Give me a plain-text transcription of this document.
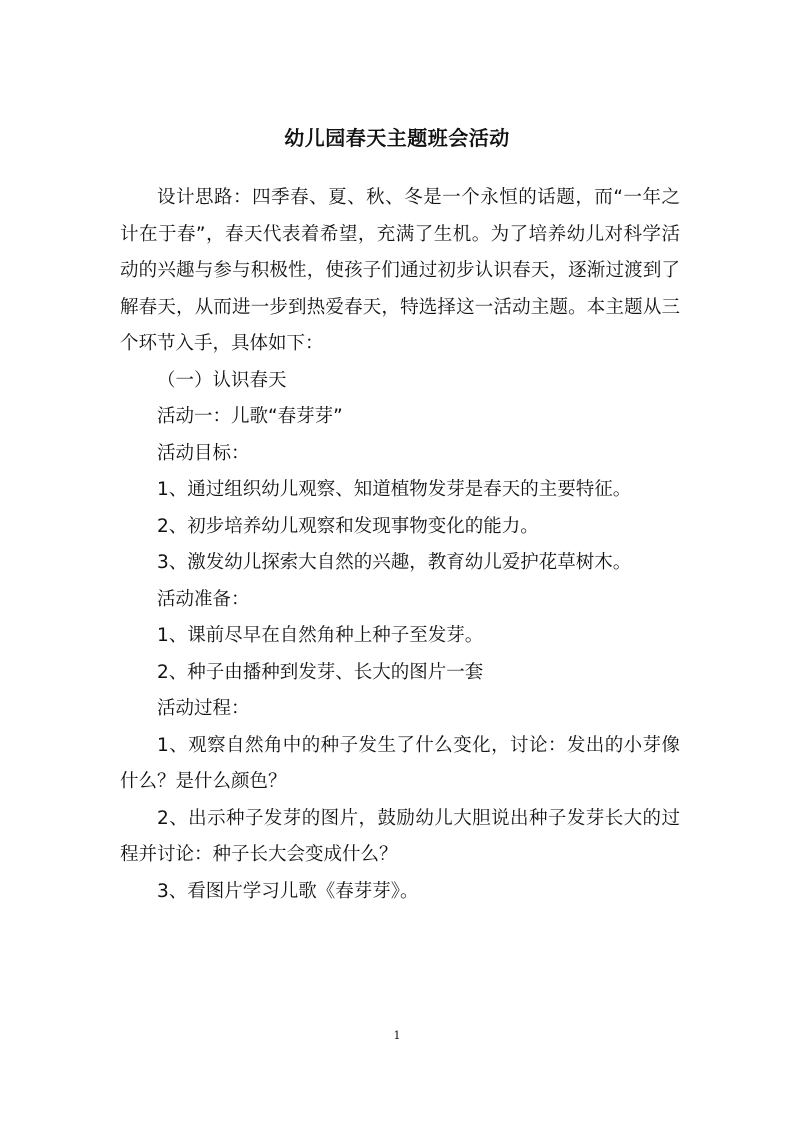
幼儿园春天主题班会活动

设计思路：四季春、夏、秋、冬是一个永恒的话题，而“一年之计在于春”，春天代表着希望，充满了生机。为了培养幼儿对科学活动的兴趣与参与积极性，使孩子们通过初步认识春天，逐渐过渡到了解春天，从而进一步到热爱春天，特选择这一活动主题。本主题从三个环节入手，具体如下：

（一）认识春天

活动一：儿歌“春芽芽”

活动目标：

1、通过组织幼儿观察、知道植物发芽是春天的主要特征。

2、初步培养幼儿观察和发现事物变化的能力。

3、激发幼儿探索大自然的兴趣，教育幼儿爱护花草树木。

活动准备：

1、课前尽早在自然角种上种子至发芽。

2、种子由播种到发芽、长大的图片一套

活动过程：

1、观察自然角中的种子发生了什么变化，讨论：发出的小芽像什么？是什么颜色？

2、出示种子发芽的图片，鼓励幼儿大胆说出种子发芽长大的过程并讨论：种子长大会变成什么？

3、看图片学习儿歌《春芽芽》。

1
